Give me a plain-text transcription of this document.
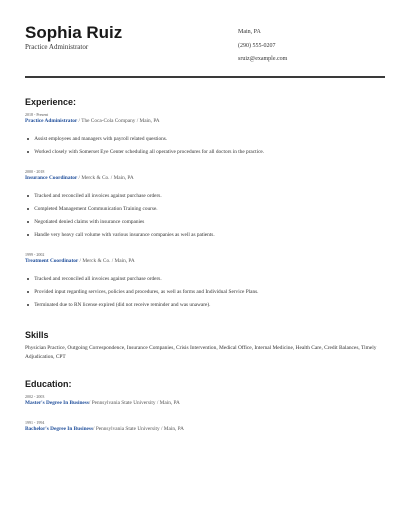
Sophia Ruiz
Practice Administrator
Main, PA
(290) 555-0207
sruiz@example.com
Experience:
2018 - Present
Practice Administrator / The Coca-Cola Company / Main, PA
Assist employees and managers with payroll related questions.
Worked closely with Somerset Eye Center scheduling all operative procedures for all doctors in the practice.
2000 - 2018
Insurance Coordinator / Merck & Co. / Main, PA
Tracked and reconciled all invoices against purchase orders.
Completed Management Communication Training course.
Negotiated denied claims with insurance companies
Handle very heavy call volume with various insurance companies as well as patients.
1999 - 2002
Treatment Coordinator / Merck & Co. / Main, PA
Tracked and reconciled all invoices against purchase orders.
Provided input regarding services, policies and procedures, as well as forms and Individual Service Plans.
Terminated due to RN license expired (did not receive reminder and was unaware).
Skills
Physician Practice, Outgoing Correspondence, Insurance Companies, Crisis Intervention, Medical Office, Internal Medicine, Health Care, Credit Balances, Timely Adjudication, CPT
Education:
2002 - 2003
Master's Degree In Business/ Pennsylvania State University / Main, PA
1991 - 1994
Bachelor's Degree In Business/ Pennsylvania State University / Main, PA
